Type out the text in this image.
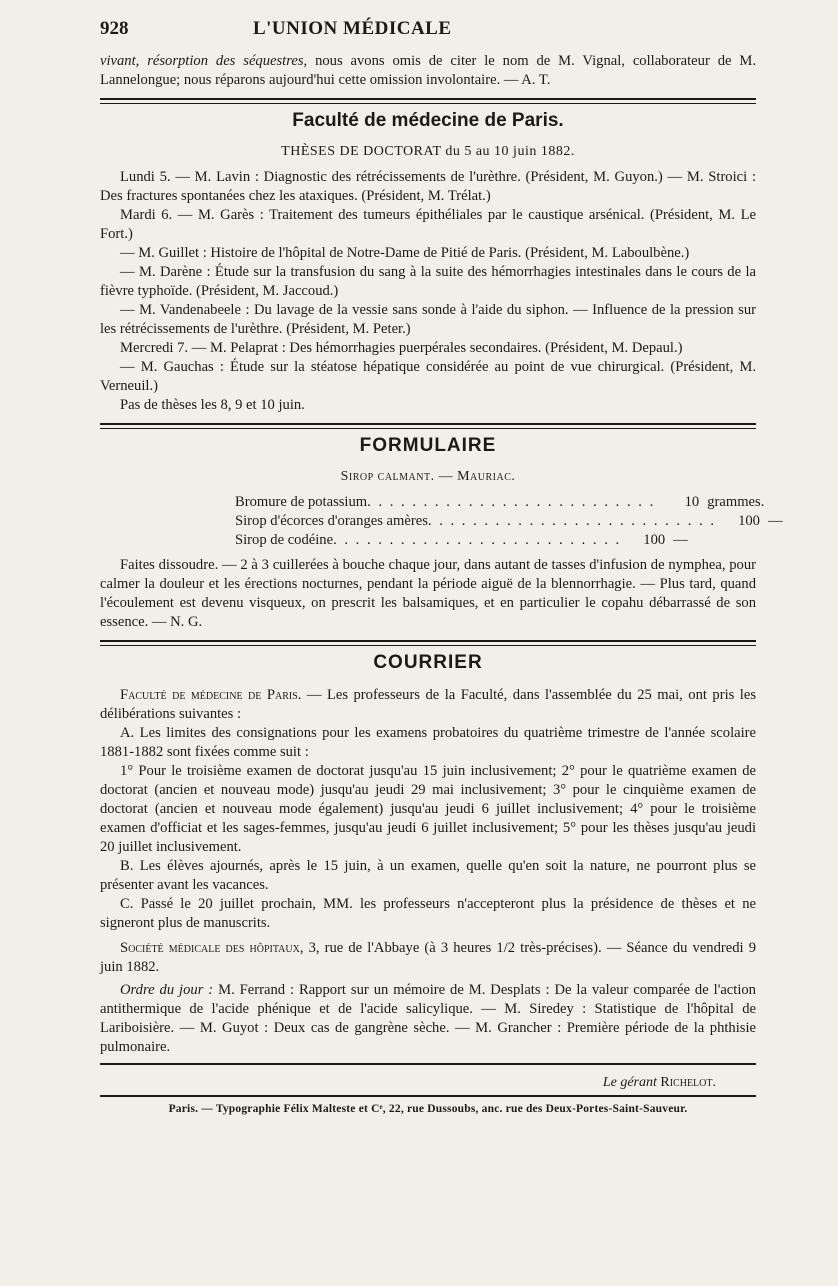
928	L'UNION MÉDICALE

vivant, résorption des séquestres, nous avons omis de citer le nom de M. Vignal, collaborateur de M. Lannelongue; nous réparons aujourd'hui cette omission involontaire. — A. T.

Faculté de médecine de Paris.
THÈSES DE DOCTORAT du 5 au 10 juin 1882.

Lundi 5. — M. Lavin : Diagnostic des rétrécissements de l'urèthre. (Président, M. Guyon.) — M. Stroici : Des fractures spontanées chez les ataxiques. (Président, M. Trélat.)

Mardi 6. — M. Garès : Traitement des tumeurs épithéliales par le caustique arsénical. (Président, M. Le Fort.)

— M. Guillet : Histoire de l'hôpital de Notre-Dame de Pitié de Paris. (Président, M. Laboulbène.)

— M. Darène : Étude sur la transfusion du sang à la suite des hémorrhagies intestinales dans le cours de la fièvre typhoïde. (Président, M. Jaccoud.)

— M. Vandenabeele : Du lavage de la vessie sans sonde à l'aide du siphon. — Influence de la pression sur les rétrécissements de l'urèthre. (Président, M. Peter.)

Mercredi 7. — M. Pelaprat : Des hémorrhagies puerpérales secondaires. (Président, M. Depaul.)

— M. Gauchas : Étude sur la stéatose hépatique considérée au point de vue chirurgical. (Président, M. Verneuil.)

Pas de thèses les 8, 9 et 10 juin.

FORMULAIRE
Sirop calmant. — Mauriac.
Bromure de potassium . . . . . . . . . . . . . . . . . . . . . . . . . .	10 grammes.
Sirop d'écorces d'oranges amères . . . . . . . . . . . . . . . . . . . . . . . . . .	100 —
Sirop de codéine . . . . . . . . . . . . . . . . . . . . . . . . . .	100 —

Faites dissoudre. — 2 à 3 cuillerées à bouche chaque jour, dans autant de tasses d'infusion de nymphea, pour calmer la douleur et les érections nocturnes, pendant la période aiguë de la blennorrhagie. — Plus tard, quand l'écoulement est devenu visqueux, on prescrit les balsamiques, et en particulier le copahu débarrassé de son essence. — N. G.

COURRIER

Faculté de médecine de Paris. — Les professeurs de la Faculté, dans l'assemblée du 25 mai, ont pris les délibérations suivantes :

A. Les limites des consignations pour les examens probatoires du quatrième trimestre de l'année scolaire 1881-1882 sont fixées comme suit :

1° Pour le troisième examen de doctorat jusqu'au 15 juin inclusivement; 2° pour le quatrième examen de doctorat (ancien et nouveau mode) jusqu'au jeudi 29 mai inclusivement; 3° pour le cinquième examen de doctorat (ancien et nouveau mode également) jusqu'au jeudi 6 juillet inclusivement; 4° pour le troisième examen d'officiat et les sages-femmes, jusqu'au jeudi 6 juillet inclusivement; 5° pour les thèses jusqu'au jeudi 20 juillet inclusivement.

B. Les élèves ajournés, après le 15 juin, à un examen, quelle qu'en soit la nature, ne pourront plus se présenter avant les vacances.

C. Passé le 20 juillet prochain, MM. les professeurs n'accepteront plus la présidence de thèses et ne signeront plus de manuscrits.

Société médicale des hôpitaux, 3, rue de l'Abbaye (à 3 heures 1/2 très-précises). — Séance du vendredi 9 juin 1882.

Ordre du jour : M. Ferrand : Rapport sur un mémoire de M. Desplats : De la valeur comparée de l'action antithermique de l'acide phénique et de l'acide salicylique. — M. Siredey : Statistique de l'hôpital de Lariboisière. — M. Guyot : Deux cas de gangrène sèche. — M. Grancher : Première période de la phthisie pulmonaire.

Le gérant Richelot.
Paris. — Typographie Félix Malteste et Cᵉ, 22, rue Dussoubs, anc. rue des Deux-Portes-Saint-Sauveur.
